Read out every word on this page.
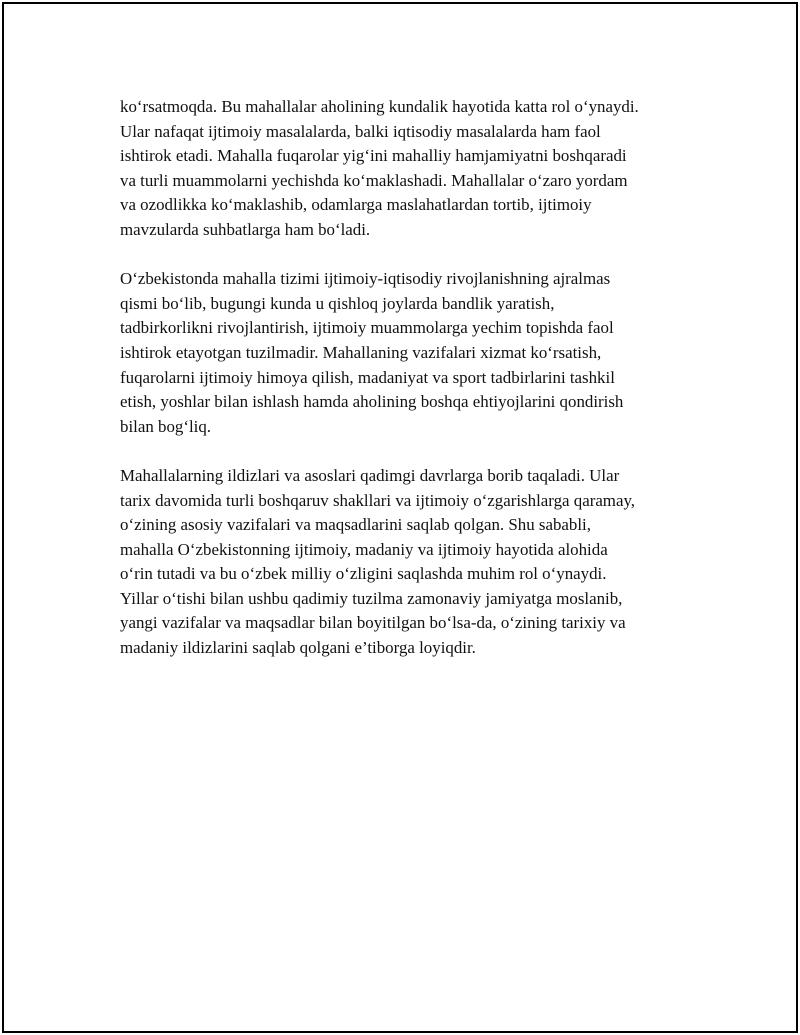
ko‘rsatmoqda. Bu mahallalar aholining kundalik hayotida katta rol o‘ynaydi.
Ular nafaqat ijtimoiy masalalarda, balki iqtisodiy masalalarda ham faol
ishtirok etadi. Mahalla fuqarolar yig‘ini mahalliy hamjamiyatni boshqaradi
va turli muammolarni yechishda ko‘maklashadi. Mahallalar o‘zaro yordam
va ozodlikka ko‘maklashib, odamlarga maslahatlardan tortib, ijtimoiy
mavzularda suhbatlarga ham bo‘ladi.

O‘zbekistonda mahalla tizimi ijtimoiy-iqtisodiy rivojlanishning ajralmas
qismi bo‘lib, bugungi kunda u qishloq joylarda bandlik yaratish,
tadbirkorlikni rivojlantirish, ijtimoiy muammolarga yechim topishda faol
ishtirok etayotgan tuzilmadir. Mahallaning vazifalari xizmat ko‘rsatish,
fuqarolarni ijtimoiy himoya qilish, madaniyat va sport tadbirlarini tashkil
etish, yoshlar bilan ishlash hamda aholining boshqa ehtiyojlarini qondirish
bilan bog‘liq.

Mahallalarning ildizlari va asoslari qadimgi davrlarga borib taqaladi. Ular
tarix davomida turli boshqaruv shakllari va ijtimoiy o‘zgarishlarga qaramay,
o‘zining asosiy vazifalari va maqsadlarini saqlab qolgan. Shu sababli,
mahalla O‘zbekistonning ijtimoiy, madaniy va ijtimoiy hayotida alohida
o‘rin tutadi va bu o‘zbek milliy o‘zligini saqlashda muhim rol o‘ynaydi.
Yillar o‘tishi bilan ushbu qadimiy tuzilma zamonaviy jamiyatga moslanib,
yangi vazifalar va maqsadlar bilan boyitilgan bo‘lsa-da, o‘zining tarixiy va
madaniy ildizlarini saqlab qolgani e’tiborga loyiqdir.
